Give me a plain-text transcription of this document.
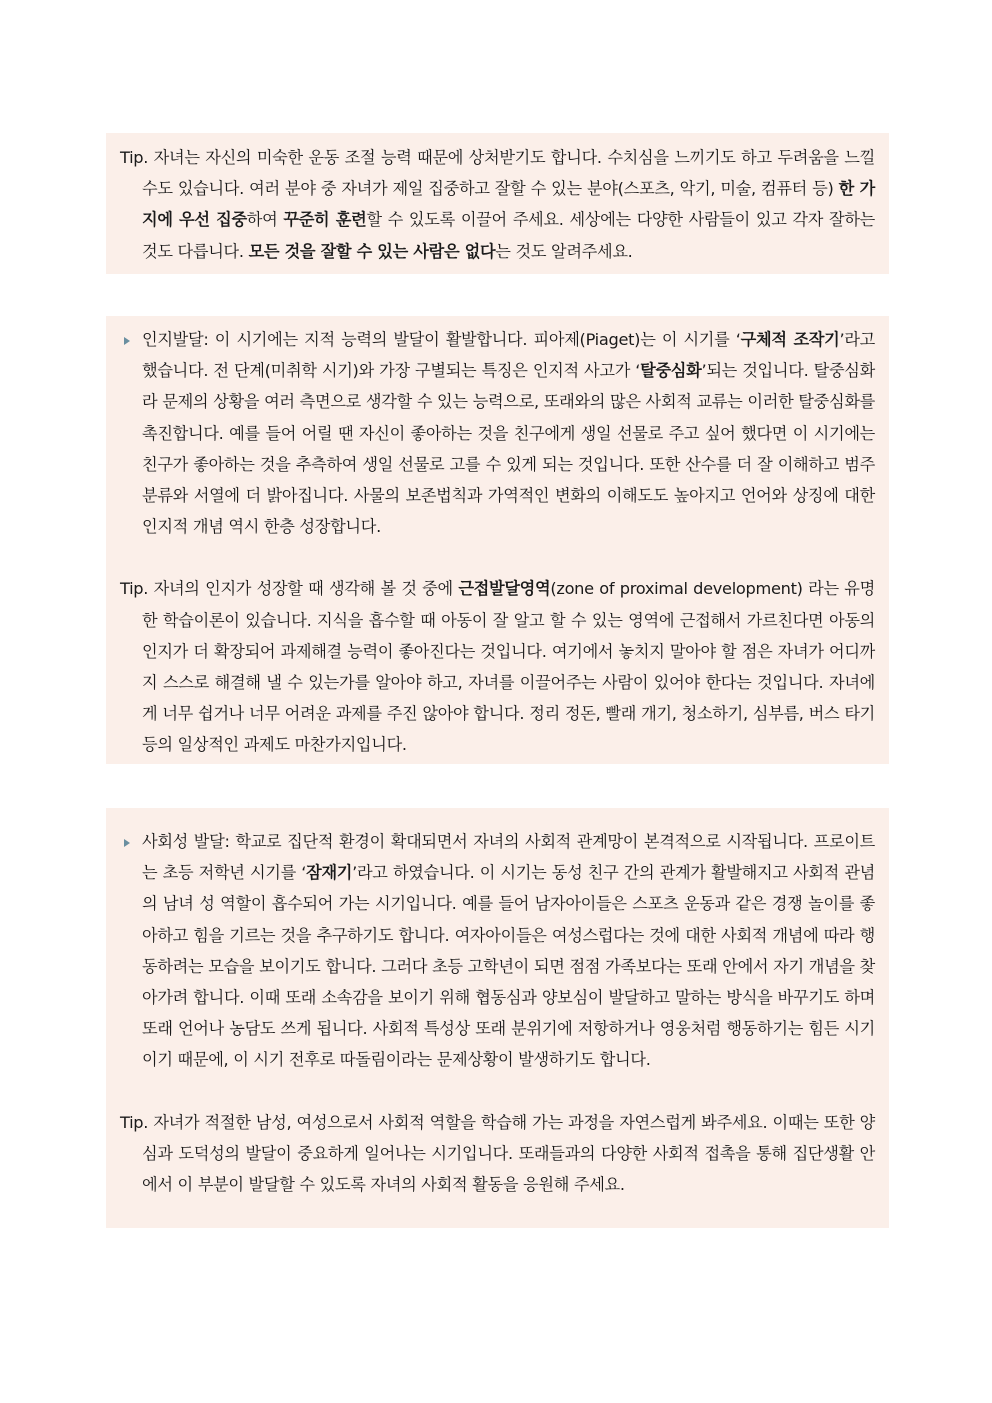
Tip. 자녀는 자신의 미숙한 운동 조절 능력 때문에 상처받기도 합니다. 수치심을 느끼기도 하고 두려움을 느낄 수도 있습니다. 여러 분야 중 자녀가 제일 집중하고 잘할 수 있는 분야(스포츠, 악기, 미술, 컴퓨터 등) 한 가지에 우선 집중하여 꾸준히 훈련할 수 있도록 이끌어 주세요. 세상에는 다양한 사람들이 있고 각자 잘하는 것도 다릅니다. 모든 것을 잘할 수 있는 사람은 없다는 것도 알려주세요.

인지발달: 이 시기에는 지적 능력의 발달이 활발합니다. 피아제(Piaget)는 이 시기를 ‘구체적 조작기’라고 했습니다. 전 단계(미취학 시기)와 가장 구별되는 특징은 인지적 사고가 ‘탈중심화’되는 것입니다. 탈중심화라 문제의 상황을 여러 측면으로 생각할 수 있는 능력으로, 또래와의 많은 사회적 교류는 이러한 탈중심화를 촉진합니다. 예를 들어 어릴 땐 자신이 좋아하는 것을 친구에게 생일 선물로 주고 싶어 했다면 이 시기에는 친구가 좋아하는 것을 추측하여 생일 선물로 고를 수 있게 되는 것입니다. 또한 산수를 더 잘 이해하고 범주 분류와 서열에 더 밝아집니다. 사물의 보존법칙과 가역적인 변화의 이해도도 높아지고 언어와 상징에 대한 인지적 개념 역시 한층 성장합니다.

Tip. 자녀의 인지가 성장할 때 생각해 볼 것 중에 근접발달영역(zone of proximal development) 라는 유명한 학습이론이 있습니다. 지식을 흡수할 때 아동이 잘 알고 할 수 있는 영역에 근접해서 가르친다면 아동의 인지가 더 확장되어 과제해결 능력이 좋아진다는 것입니다. 여기에서 놓치지 말아야 할 점은 자녀가 어디까지 스스로 해결해 낼 수 있는가를 알아야 하고, 자녀를 이끌어주는 사람이 있어야 한다는 것입니다. 자녀에게 너무 쉽거나 너무 어려운 과제를 주진 않아야 합니다. 정리 정돈, 빨래 개기, 청소하기, 심부름, 버스 타기 등의 일상적인 과제도 마찬가지입니다.

사회성 발달: 학교로 집단적 환경이 확대되면서 자녀의 사회적 관계망이 본격적으로 시작됩니다. 프로이트는 초등 저학년 시기를 ‘잠재기’라고 하였습니다. 이 시기는 동성 친구 간의 관계가 활발해지고 사회적 관념의 남녀 성 역할이 흡수되어 가는 시기입니다. 예를 들어 남자아이들은 스포츠 운동과 같은 경쟁 놀이를 좋아하고 힘을 기르는 것을 추구하기도 합니다. 여자아이들은 여성스럽다는 것에 대한 사회적 개념에 따라 행동하려는 모습을 보이기도 합니다. 그러다 초등 고학년이 되면 점점 가족보다는 또래 안에서 자기 개념을 찾아가려 합니다. 이때 또래 소속감을 보이기 위해 협동심과 양보심이 발달하고 말하는 방식을 바꾸기도 하며 또래 언어나 농담도 쓰게 됩니다. 사회적 특성상 또래 분위기에 저항하거나 영웅처럼 행동하기는 힘든 시기이기 때문에, 이 시기 전후로 따돌림이라는 문제상황이 발생하기도 합니다.

Tip. 자녀가 적절한 남성, 여성으로서 사회적 역할을 학습해 가는 과정을 자연스럽게 봐주세요. 이때는 또한 양심과 도덕성의 발달이 중요하게 일어나는 시기입니다. 또래들과의 다양한 사회적 접촉을 통해 집단생활 안에서 이 부분이 발달할 수 있도록 자녀의 사회적 활동을 응원해 주세요.
